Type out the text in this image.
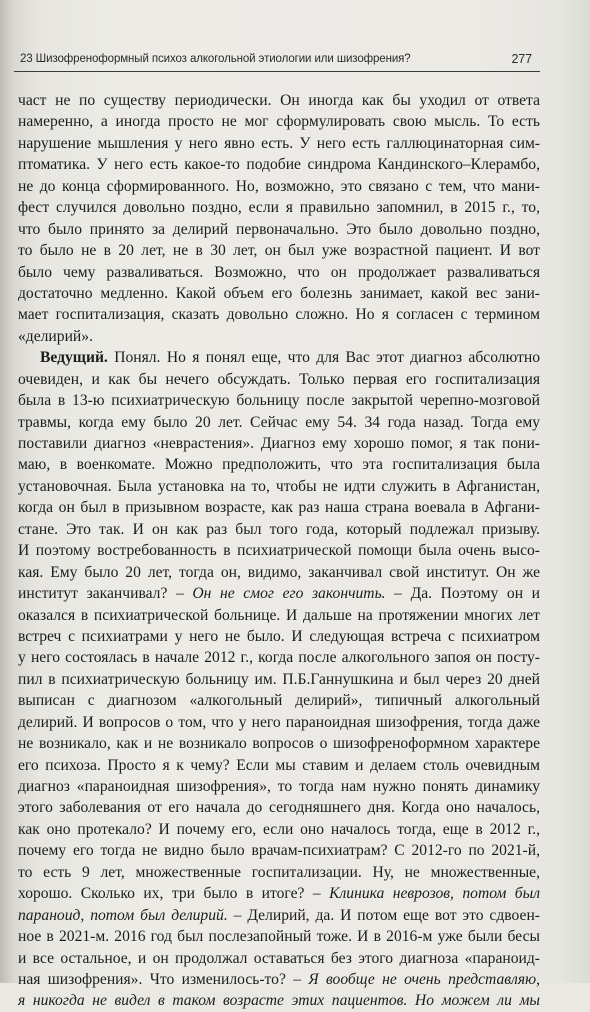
23 Шизофреноформный психоз алкогольной этиологии или шизофрения?	277
част не по существу периодически. Он иногда как бы уходил от ответа
намеренно, а иногда просто не мог сформулировать свою мысль. То есть
нарушение мышления у него явно есть. У него есть галлюцинаторная сим-
птоматика. У него есть какое-то подобие синдрома Кандинского–Клерамбо,
не до конца сформированного. Но, возможно, это связано с тем, что мани-
фест случился довольно поздно, если я правильно запомнил, в 2015 г., то,
что было принято за делирий первоначально. Это было довольно поздно,
то было не в 20 лет, не в 30 лет, он был уже возрастной пациент. И вот
было чему разваливаться. Возможно, что он продолжает разваливаться
достаточно медленно. Какой объем его болезнь занимает, какой вес зани-
мает госпитализация, сказать довольно сложно. Но я согласен с термином
«делирий».
Ведущий. Понял. Но я понял еще, что для Вас этот диагноз абсолютно
очевиден, и как бы нечего обсуждать. Только первая его госпитализация
была в 13-ю психиатрическую больницу после закрытой черепно-мозговой
травмы, когда ему было 20 лет. Сейчас ему 54. 34 года назад. Тогда ему
поставили диагноз «неврастения». Диагноз ему хорошо помог, я так пони-
маю, в военкомате. Можно предположить, что эта госпитализация была
установочная. Была установка на то, чтобы не идти служить в Афганистан,
когда он был в призывном возрасте, как раз наша страна воевала в Афгани-
стане. Это так. И он как раз был того года, который подлежал призыву.
И поэтому востребованность в психиатрической помощи была очень высо-
кая. Ему было 20 лет, тогда он, видимо, заканчивал свой институт. Он же
институт заканчивал? – Он не смог его закончить. – Да. Поэтому он и
оказался в психиатрической больнице. И дальше на протяжении многих лет
встреч с психиатрами у него не было. И следующая встреча с психиатром
у него состоялась в начале 2012 г., когда после алкогольного запоя он посту-
пил в психиатрическую больницу им. П.Б.Ганнушкина и был через 20 дней
выписан с диагнозом «алкогольный делирий», типичный алкогольный
делирий. И вопросов о том, что у него параноидная шизофрения, тогда даже
не возникало, как и не возникало вопросов о шизофреноформном характере
его психоза. Просто я к чему? Если мы ставим и делаем столь очевидным
диагноз «параноидная шизофрения», то тогда нам нужно понять динамику
этого заболевания от его начала до сегодняшнего дня. Когда оно началось,
как оно протекало? И почему его, если оно началось тогда, еще в 2012 г.,
почему его тогда не видно было врачам-психиатрам? С 2012-го по 2021-й,
то есть 9 лет, множественные госпитализации. Ну, не множественные,
хорошо. Сколько их, три было в итоге? – Клиника неврозов, потом был
параноид, потом был делирий. – Делирий, да. И потом еще вот это сдвоен-
ное в 2021-м. 2016 год был послезапойный тоже. И в 2016-м уже были бесы
и все остальное, и он продолжал оставаться без этого диагноза «параноид-
ная шизофрения». Что изменилось-то? – Я вообще не очень представляю,
я никогда не видел в таком возрасте этих пациентов. Но можем ли мы
